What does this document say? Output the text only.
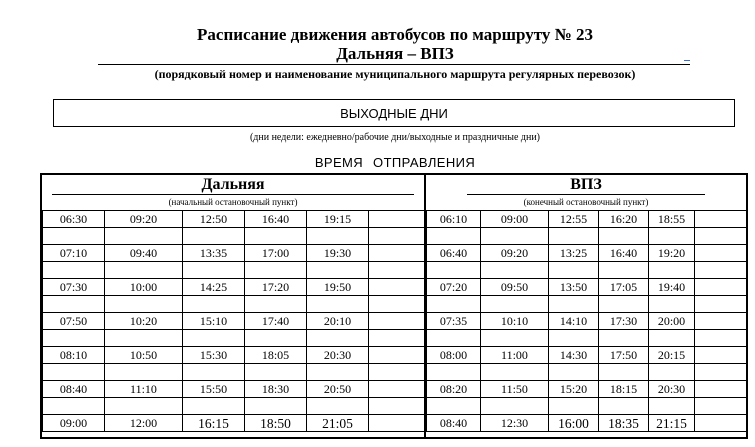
Расписание движения автобусов по маршруту № 23
Дальняя – ВПЗ
(порядковый номер и наименование муниципального маршрута регулярных перевозок)
ВЫХОДНЫЕ ДНИ
(дни недели: ежедневно/рабочие дни/выходные и праздничные дни)
ВРЕМЯ ОТПРАВЛЕНИЯ
Дальняя
(начальный остановочный пункт)
ВПЗ
(конечный остановочный пункт)
06:30	09:20	12:50	16:40	19:15	

07:10	09:40	13:35	17:00	19:30	

07:30	10:00	14:25	17:20	19:50	

07:50	10:20	15:10	17:40	20:10	

08:10	10:50	15:30	18:05	20:30	

08:40	11:10	15:50	18:30	20:50	

09:00	12:00	16:15	18:50	21:05	
06:10	09:00	12:55	16:20	18:55	

06:40	09:20	13:25	16:40	19:20	

07:20	09:50	13:50	17:05	19:40	

07:35	10:10	14:10	17:30	20:00	

08:00	11:00	14:30	17:50	20:15	

08:20	11:50	15:20	18:15	20:30	

08:40	12:30	16:00	18:35	21:15	
